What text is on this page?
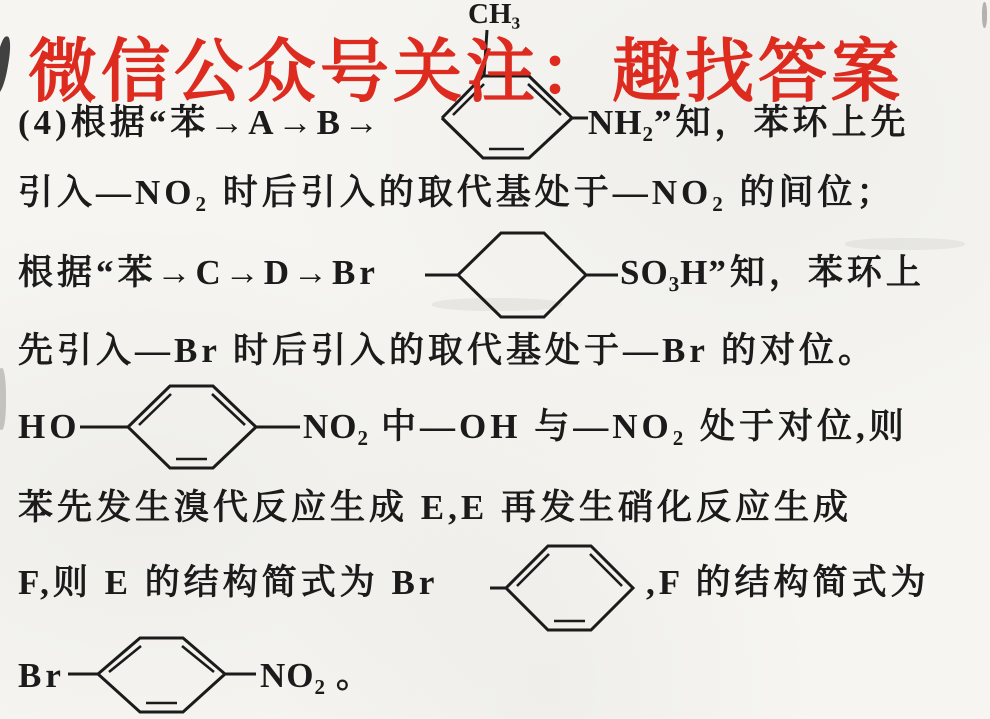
微信公众号关注：趣找答案
(4)根据“苯→A→B→
CH₃
NH₂”知，苯环上先
引入—NO₂ 时后引入的取代基处于—NO₂ 的间位；
根据“苯→C→D→Br	SO₃H”知，苯环上
先引入—Br 时后引入的取代基处于—Br 的对位。
HO	NO₂ 中—OH 与—NO₂ 处于对位,则
苯先发生溴代反应生成 E,E 再发生硝化反应生成
F,则 E 的结构简式为 Br	,F 的结构简式为
Br	NO₂ 。
